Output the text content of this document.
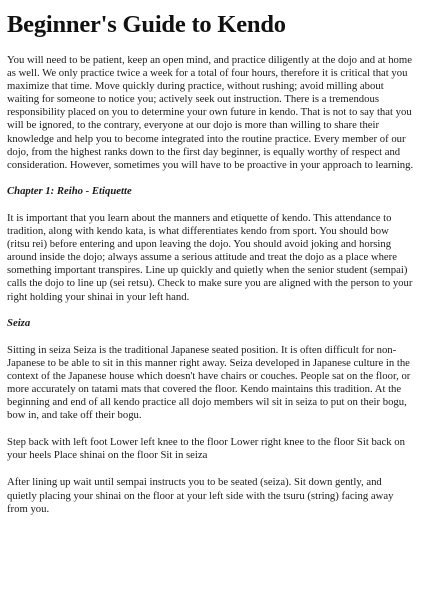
Beginner's Guide to Kendo

You will need to be patient, keep an open mind, and practice diligently at the dojo and at home as well. We only practice twice a week for a total of four hours, therefore it is critical that you maximize that time. Move quickly during practice, without rushing; avoid milling about waiting for someone to notice you; actively seek out instruction. There is a tremendous responsibility placed on you to determine your own future in kendo. That is not to say that you will be ignored, to the contrary, everyone at our dojo is more than willing to share their knowledge and help you to become integrated into the routine practice. Every member of our dojo, from the highest ranks down to the first day beginner, is equally worthy of respect and consideration. However, sometimes you will have to be proactive in your approach to learning.

Chapter 1: Reiho - Etiquette

It is important that you learn about the manners and etiquette of kendo. This attendance to tradition, along with kendo kata, is what differentiates kendo from sport. You should bow (ritsu rei) before entering and upon leaving the dojo. You should avoid joking and horsing around inside the dojo; always assume a serious attitude and treat the dojo as a place where something important transpires. Line up quickly and quietly when the senior student (sempai) calls the dojo to line up (sei retsu). Check to make sure you are aligned with the person to your right holding your shinai in your left hand.

Seiza

Sitting in seiza Seiza is the traditional Japanese seated position. It is often difficult for non-Japanese to be able to sit in this manner right away. Seiza developed in Japanese culture in the context of the Japanese house which doesn't have chairs or couches. People sat on the floor, or more accurately on tatami mats that covered the floor. Kendo maintains this tradition. At the beginning and end of all kendo practice all dojo members wil sit in seiza to put on their bogu, bow in, and take off their bogu.

Step back with left foot Lower left knee to the floor Lower right knee to the floor Sit back on your heels Place shinai on the floor Sit in seiza

After lining up wait until sempai instructs you to be seated (seiza). Sit down gently, and quietly placing your shinai on the floor at your left side with the tsuru (string) facing away from you.
